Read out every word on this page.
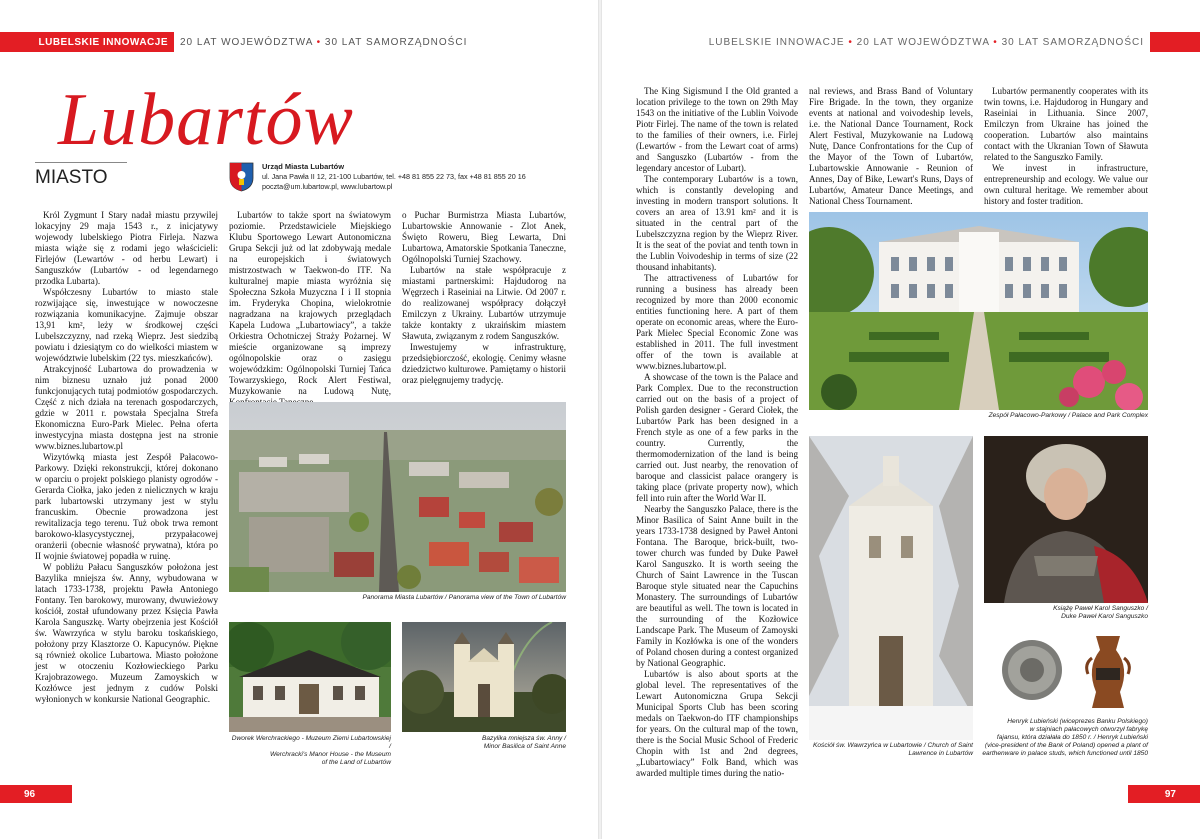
LUBELSKIE INNOWACJE	20 LAT WOJEWÓDZTWA • 30 LAT SAMORZĄDNOŚCI
Lubartów
MIASTO
Urząd Miasta Lubartów
ul. Jana Pawła II 12, 21-100 Lubartów, tel. +48 81 855 22 73, fax +48 81 855 20 16
poczta@um.lubartow.pl, www.lubartow.pl

Król Zygmunt I Stary nadał miastu przywilej lokacyjny 29 maja 1543 r., z inicjatywy wojewody lubelskiego Piotra Firleja. Nazwa miasta wiąże się z rodami jego właścicieli: Firlejów (Lewartów - od herbu Lewart) i Sanguszków (Lubartów - od legendarnego przodka Lubarta).

Współczesny Lubartów to miasto stale rozwijające się, inwestujące w nowoczesne rozwiązania komunikacyjne. Zajmuje obszar 13,91 km², leży w środkowej części Lubelszczyzny, nad rzeką Wieprz. Jest siedzibą powiatu i dziesiątym co do wielkości miastem w województwie lubelskim (22 tys. mieszkańców).

Atrakcyjność Lubartowa do prowadzenia w nim biznesu uznało już ponad 2000 funkcjonujących tutaj podmiotów gospodarczych. Część z nich działa na terenach gospodarczych, gdzie w 2011 r. powstała Specjalna Strefa Ekonomiczna Euro-Park Mielec. Pełna oferta inwestycyjna miasta dostępna jest na stronie www.biznes.lubartow.pl

Wizytówką miasta jest Zespół Pałacowo-Parkowy. Dzięki rekonstrukcji, której dokonano w oparciu o projekt polskiego planisty ogrodów - Gerarda Ciołka, jako jeden z nielicznych w kraju park lubartowski utrzymany jest w stylu francuskim. Obecnie prowadzona jest rewitalizacja tego terenu. Tuż obok trwa remont barokowo-klasycystycznej, przypałacowej oranżerii (obecnie własność prywatna), która po II wojnie światowej popadła w ruinę.

W pobliżu Pałacu Sanguszków położona jest Bazylika mniejsza św. Anny, wybudowana w latach 1733-1738, projektu Pawła Antoniego Fontany. Ten barokowy, murowany, dwuwieżowy kościół, został ufundowany przez Księcia Pawła Karola Sanguszkę. Warty obejrzenia jest Kościół św. Wawrzyńca w stylu baroku toskańskiego, położony przy Klasztorze O. Kapucynów. Piękne są również okolice Lubartowa. Miasto położone jest w otoczeniu Kozłowieckiego Parku Krajobrazowego. Muzeum Zamoyskich w Kozłówce jest jednym z cudów Polski wyłonionych w konkursie National Geographic.

Lubartów to także sport na światowym poziomie. Przedstawiciele Miejskiego Klubu Sportowego Lewart Autonomiczna Grupa Sekcji już od lat zdobywają medale na europejskich i światowych mistrzostwach w Taekwon-do ITF. Na kulturalnej mapie miasta wyróżnia się Społeczna Szkoła Muzyczna I i II stopnia im. Fryderyka Chopina, wielokrotnie nagradzana na krajowych przeglądach Kapela Ludowa „Lubartowiacy”, a także Orkiestra Ochotniczej Straży Pożarnej. W mieście organizowane są imprezy ogólnopolskie oraz o zasięgu wojewódzkim: Ogólnopolski Turniej Tańca Towarzyskiego, Rock Alert Festiwal, Muzykowanie na Ludową Nutę,

o Puchar Burmistrza Miasta Lubartów, Lubartowskie Annowanie - Zlot Anek, Święto Roweru, Bieg Lewarta, Dni Lubartowa, Amatorskie Spotkania Taneczne, Ogólnopolski Turniej Szachowy.

Lubartów na stałe współpracuje z miastami partnerskimi: Hajdudorog na Węgrzech i Raseiniai na Litwie. Od 2007 r. do realizowanej współpracy dołączył Emilczyn z Ukrainy. Lubartów utrzymuje także kontakty z ukraińskim miastem Sławuta, związanym z rodem Sanguszków.

Inwestujemy w infrastrukturę, przedsiębiorczość, ekologię. Cenimy własne dziedzictwo kulturowe. Pamiętamy o historii oraz pielęgnujemy tradycję.

Panorama Miasta Lubartów / Panorama view of the Town of Lubartów
Dworek Werchrackiego - Muzeum Ziemi Lubartowskiej /
Werchracki's Manor House - the Museum
of the Land of Lubartów
Bazylika mniejsza św. Anny /
Minor Basilica of Saint Anne
96
LUBELSKIE INNOWACJE • 20 LAT WOJEWÓDZTWA • 30 LAT SAMORZĄDNOŚCI

The King Sigismund I the Old granted a location privilege to the town on 29th May 1543 on the initiative of the Lublin Voivode Piotr Firlej. The name of the town is related to the families of their owners, i.e. Firlej (Lewartów - from the Lewart coat of arms) and Sanguszko (Lubartów - from the legendary ancestor of Lubart).

The contemporary Lubartów is a town, which is constantly developing and investing in modern transport solutions. It covers an area of 13.91 km² and it is situated in the central part of the Lubelszczyzna region by the Wieprz River. It is the seat of the poviat and tenth town in the Lublin Voivodeship in terms of size (22 thousand inhabitants).

The attractiveness of Lubartów for running a business has already been recognized by more than 2000 economic entities functioning here. A part of them operate on economic areas, where the Euro-Park Mielec Special Economic Zone was established in 2011. The full investment offer of the town is available at www.biznes.lubartow.pl.

A showcase of the town is the Palace and Park Complex. Due to the reconstruction carried out on the basis of a project of Polish garden designer - Gerard Ciołek, the Lubartów Park has been designed in a French style as one of a few parks in the country. Currently, the thermomodernization of the land is being carried out. Just nearby, the renovation of baroque and classicist palace orangery is taking place (private property now), which fell into ruin after the World War II.

Nearby the Sanguszko Palace, there is the Minor Basilica of Saint Anne built in the years 1733-1738 designed by Paweł Antoni Fontana. The Baroque, brick-built, two-tower church was funded by Duke Paweł Karol Sanguszko. It is worth seeing the Church of Saint Lawrence in the Tuscan Baroque style situated near the Capuchins Monastery. The surroundings of Lubartów are beautiful as well. The town is located in the surrounding of the Kozłowice Landscape Park. The Museum of Zamoyski Family in Kozłówka is one of the wonders of Poland chosen during a contest organized by National Geographic.

Lubartów is also about sports at the global level. The representatives of the Lewart Autonomiczna Grupa Sekcji Municipal Sports Club has been scoring medals on Taekwon-do ITF championships for years. On the cultural map of the town, there is the Social Music School of Frederic Chopin with 1st and 2nd degrees, „Lubartowiacy” Folk Band, which was awarded multiple times during the natio-

nal reviews, and Brass Band of Voluntary Fire Brigade. In the town, they organize events at national and voivodeship levels, i.e. the National Dance Tournament, Rock Alert Festival, Muzykowanie na Ludową Nutę, Dance Confrontations for the Cup of the Mayor of the Town of Lubartów, Lubartowskie Annowanie - Reunion of Annes, Day of Bike, Lewart's Runs, Days of Lubartów, Amateur Dance Meetings, and National Chess Tournament.

Lubartów permanently cooperates with its twin towns, i.e. Hajdudorog in Hungary and Raseiniai in Lithuania. Since 2007, Emilczyn from Ukraine has joined the cooperation. Lubartów also maintains contact with the Ukranian Town of Sławuta related to the Sanguszko Family.

We invest in infrastructure, entrepreneurship and ecology. We value our own cultural heritage. We remember about history and foster tradition.

Zespół Pałacowo-Parkowy / Palace and Park Complex
Kościół św. Wawrzyńca w Lubartowie / Church of Saint
Lawrence in Lubartów
Książę Paweł Karol Sanguszko /
Duke Paweł Karol Sanguszko
Henryk Lubieński (wiceprezes Banku Polskiego)
w stajniach pałacowych otworzył fabrykę
fajansu, która działała do 1850 r. / Henryk Lubieński
(vice-president of the Bank of Poland) opened a plant of
earthenware in palace studs, which functioned until 1850
97
